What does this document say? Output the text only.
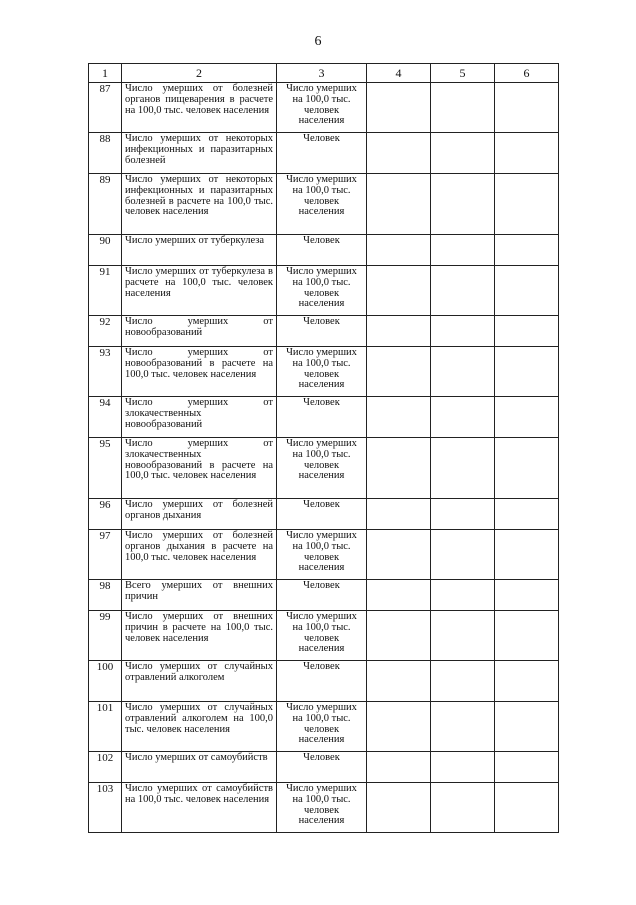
6
1	2	3	4	5	6
87	Число умерших от болезней органов пищеварения в расчете на 100,0 тыс. человек населения	Число умерших на 100,0 тыс. человек населения			
88	Число умерших от некоторых инфекционных и паразитарных болезней	Человек			
89	Число умерших от некоторых инфекционных и паразитарных болезней в расчете на 100,0 тыс. человек населения	Число умерших на 100,0 тыс. человек населения			
90	Число умерших от туберкулеза	Человек			
91	Число умерших от туберкулеза в расчете на 100,0 тыс. человек населения	Число умерших на 100,0 тыс. человек населения			
92	Число умерших от новообразований	Человек			
93	Число умерших от новообразований в расчете на 100,0 тыс. человек населения	Число умерших на 100,0 тыс. человек населения			
94	Число умерших от злокачественных новообразований	Человек			
95	Число умерших от злокачественных новообразований в расчете на 100,0 тыс. человек населения	Число умерших на 100,0 тыс. человек населения			
96	Число умерших от болезней органов дыхания	Человек			
97	Число умерших от болезней органов дыхания в расчете на 100,0 тыс. человек населения	Число умерших на 100,0 тыс. человек населения			
98	Всего умерших от внешних причин	Человек			
99	Число умерших от внешних причин в расчете на 100,0 тыс. человек населения	Число умерших на 100,0 тыс. человек населения			
100	Число умерших от случайных отравлений алкоголем	Человек			
101	Число умерших от случайных отравлений алкоголем на 100,0 тыс. человек населения	Число умерших на 100,0 тыс. человек населения			
102	Число умерших от самоубийств	Человек			
103	Число умерших от самоубийств на 100,0 тыс. человек населения	Число умерших на 100,0 тыс. человек населения			
